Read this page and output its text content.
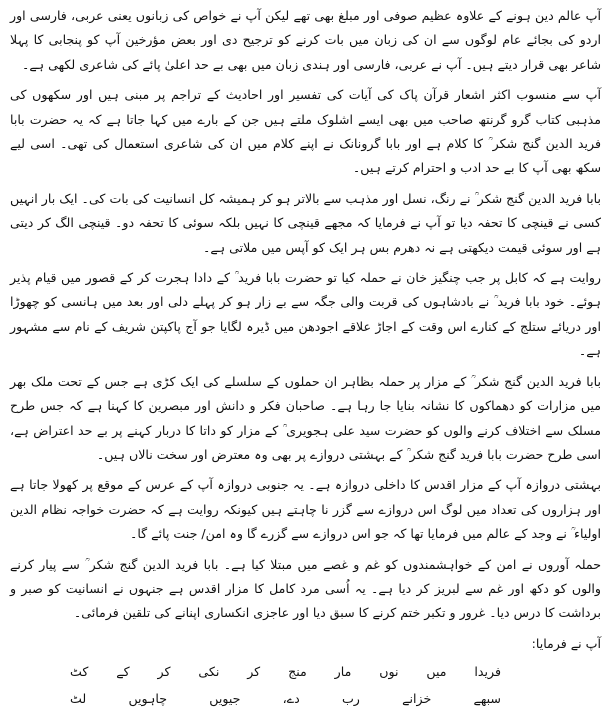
آپ عالم دین ہونے کے علاوہ عظیم صوفی اور مبلغ بھی تھے لیکن آپ نے خواص کی زبانوں یعنی عربی، فارسی اور اردو کی بجائے عام لوگوں سے ان کی زبان میں بات کرنے کو ترجیح دی اور بعض مؤرخین آپ کو پنجابی کا پہلا شاعر بھی قرار دیتے ہیں۔ آپ نے عربی، فارسی اور ہندی زبان میں بھی بے حد اعلیٰ پائے کی شاعری لکھی ہے۔

آپ سے منسوب اکثر اشعار قرآن پاک کی آیات کی تفسیر اور احادیث کے تراجم پر مبنی ہیں اور سکھوں کی مذہبی کتاب گرو گرنتھ صاحب میں بھی ایسے اشلوک ملتے ہیں جن کے بارے میں کہا جاتا ہے کہ یہ حضرت بابا فرید الدین گنج شکر ؒ کا کلام ہے اور بابا گرونانک نے اپنے کلام میں ان کی شاعری استعمال کی تھی۔ اسی لیے سکھ بھی آپ کا بے حد ادب و احترام کرتے ہیں۔

بابا فرید الدین گنج شکر ؒ نے رنگ، نسل اور مذہب سے بالاتر ہو کر ہمیشہ کل انسانیت کی بات کی۔ ایک بار انہیں کسی نے قینچی کا تحفہ دیا تو آپ نے فرمایا کہ مجھے قینچی کا نہیں بلکہ سوئی کا تحفہ دو۔ قینچی الگ کر دیتی ہے اور سوئی قیمت دیکھتی ہے نہ دھرم بس ہر ایک کو آپس میں ملاتی ہے۔

روایت ہے کہ کابل پر جب چنگیز خان نے حملہ کیا تو حضرت بابا فرید ؒ کے دادا ہجرت کر کے قصور میں قیام پذیر ہوئے۔ خود بابا فرید ؒ نے بادشاہوں کی قربت والی جگہ سے بے زار ہو کر پہلے دلی اور بعد میں ہانسی کو چھوڑا اور دریائے ستلج کے کنارے اس وقت کے اجاڑ علاقے اجودھن میں ڈیرہ لگایا جو آج پاکپتن شریف کے نام سے مشہور ہے۔

بابا فرید الدین گنج شکر ؒ کے مزار پر حملہ بظاہر ان حملوں کے سلسلے کی ایک کڑی ہے جس کے تحت ملک بھر میں مزارات کو دھماکوں کا نشانہ بنایا جا رہا ہے۔ صاحبان فکر و دانش اور مبصرین کا کہنا ہے کہ جس طرح مسلک سے اختلاف کرنے والوں کو حضرت سید علی ہجویری ؒ کے مزار کو داتا کا دربار کہنے پر بے حد اعتراض ہے، اسی طرح حضرت بابا فرید گنج شکر ؒ کے بہشتی دروازے پر بھی وہ معترض اور سخت نالاں ہیں۔

بہشتی دروازہ آپ کے مزار اقدس کا داخلی دروازہ ہے۔ یہ جنوبی دروازہ آپ کے عرس کے موقع پر کھولا جاتا ہے اور ہزاروں کی تعداد میں لوگ اس دروازے سے گزر نا چاہتے ہیں کیونکہ روایت ہے کہ حضرت خواجہ نظام الدین اولیاء ؒ نے وجد کے عالم میں فرمایا تھا کہ جو اس دروازے سے گزرے گا وہ امن/ جنت پائے گا۔

حملہ آوروں نے امن کے خواہشمندوں کو غم و غصے میں مبتلا کیا ہے۔ بابا فرید الدین گنج شکر ؒ سے پیار کرنے والوں کو دکھ اور غم سے لبریز کر دیا ہے۔ یہ اُسی مرد کامل کا مزار اقدس ہے جنہوں نے انسانیت کو صبر و برداشت کا درس دیا۔ غرور و تکبر ختم کرنے کا سبق دیا اور عاجزی انکساری اپنانے کی تلقین فرمائی۔

آپ نے فرمایا:

فریدا
میں
نوں
مار
منج
کر
نکی
کر
کے
کٹ
سبھے
خزانے
رب
دے،
جیویں
چاہویں
لٹ
